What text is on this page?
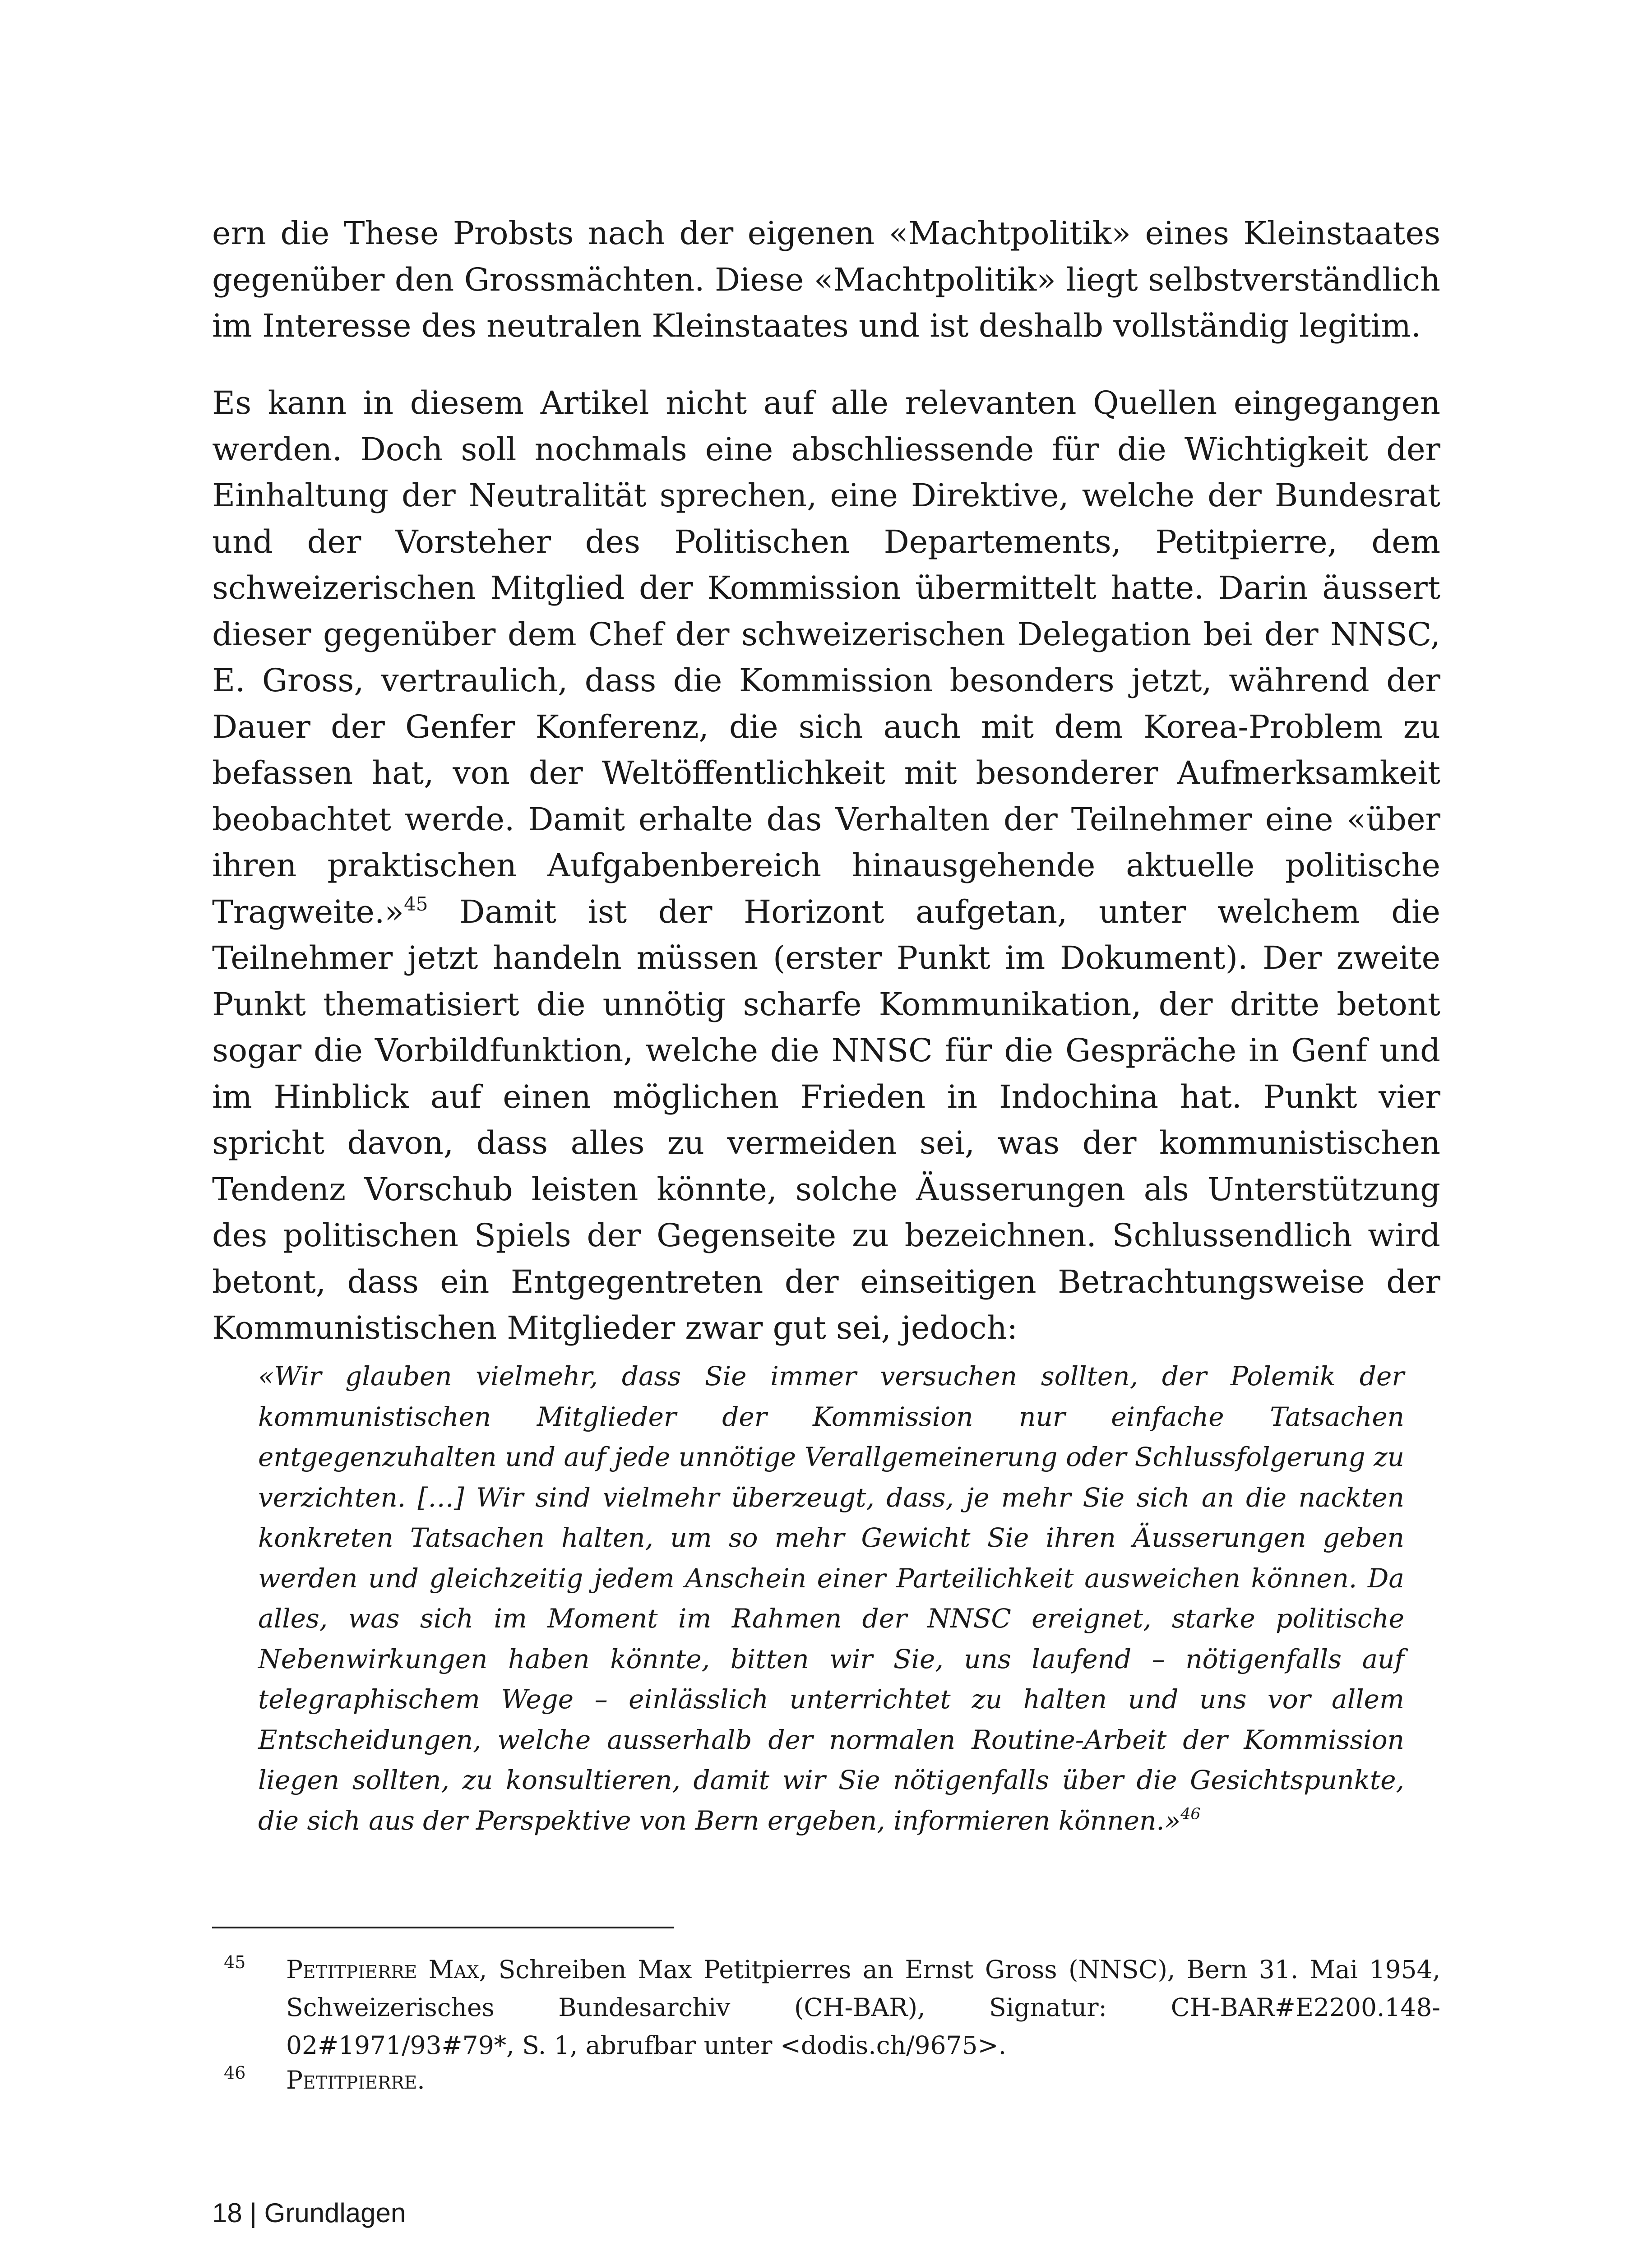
ern die These Probsts nach der eigenen «Machtpolitik» eines Kleinstaates gegenüber den Grossmächten. Diese «Machtpolitik» liegt selbstverständlich im Interesse des neutralen Kleinstaates und ist deshalb vollständig legitim.

Es kann in diesem Artikel nicht auf alle relevanten Quellen eingegangen werden. Doch soll nochmals eine abschliessende für die Wichtigkeit der Einhaltung der Neutralität sprechen, eine Direktive, welche der Bundesrat und der Vorsteher des Politischen Departements, Petitpierre, dem schweizerischen Mitglied der Kommission übermittelt hatte. Darin äussert dieser gegenüber dem Chef der schweizerischen Delegation bei der NNSC, E. Gross, vertraulich, dass die Kommission besonders jetzt, während der Dauer der Genfer Konferenz, die sich auch mit dem Korea-Problem zu befassen hat, von der Weltöffentlichkeit mit besonderer Aufmerksamkeit beobachtet werde. Damit erhalte das Verhalten der Teilnehmer eine «über ihren praktischen Aufgabenbereich hinausgehende aktuelle politische Tragweite.»$^{45}$ Damit ist der Horizont aufgetan, unter welchem die Teilnehmer jetzt handeln müssen (erster Punkt im Dokument). Der zweite Punkt thematisiert die unnötig scharfe Kommunikation, der dritte betont sogar die Vorbildfunktion, welche die NNSC für die Gespräche in Genf und im Hinblick auf einen möglichen Frieden in Indochina hat. Punkt vier spricht davon, dass alles zu vermeiden sei, was der kommunistischen Tendenz Vorschub leisten könnte, solche Äusserungen als Unterstützung des politischen Spiels der Gegenseite zu bezeichnen. Schlussendlich wird betont, dass ein Entgegentreten der einseitigen Betrachtungsweise der Kommunistischen Mitglieder zwar gut sei, jedoch:

«Wir glauben vielmehr, dass Sie immer versuchen sollten, der Polemik der kommunistischen Mitglieder der Kommission nur einfache Tatsachen entgegenzuhalten und auf jede unnötige Verallgemeinerung oder Schlussfolgerung zu verzichten. […] Wir sind vielmehr überzeugt, dass, je mehr Sie sich an die nackten konkreten Tatsachen halten, um so mehr Gewicht Sie ihren Äusserungen geben werden und gleichzeitig jedem Anschein einer Parteilichkeit ausweichen können. Da alles, was sich im Moment im Rahmen der NNSC ereignet, starke politische Nebenwirkungen haben könnte, bitten wir Sie, uns laufend – nötigenfalls auf telegraphischem Wege – einlässlich unterrichtet zu halten und uns vor allem Entscheidungen, welche ausserhalb der normalen Routine-Arbeit der Kommission liegen sollten, zu konsultieren, damit wir Sie nötigenfalls über die Gesichtspunkte, die sich aus der Perspektive von Bern ergeben, informieren können.»$^{46}$

45 Petitpierre Max, Schreiben Max Petitpierres an Ernst Gross (NNSC), Bern 31. Mai 1954, Schweizerisches Bundesarchiv (CH-BAR), Signatur: CH-BAR#E2200.148-02#1971/93#79*, S. 1, abrufbar unter <dodis.ch/9675>.
46 Petitpierre.
18 | Grundlagen
